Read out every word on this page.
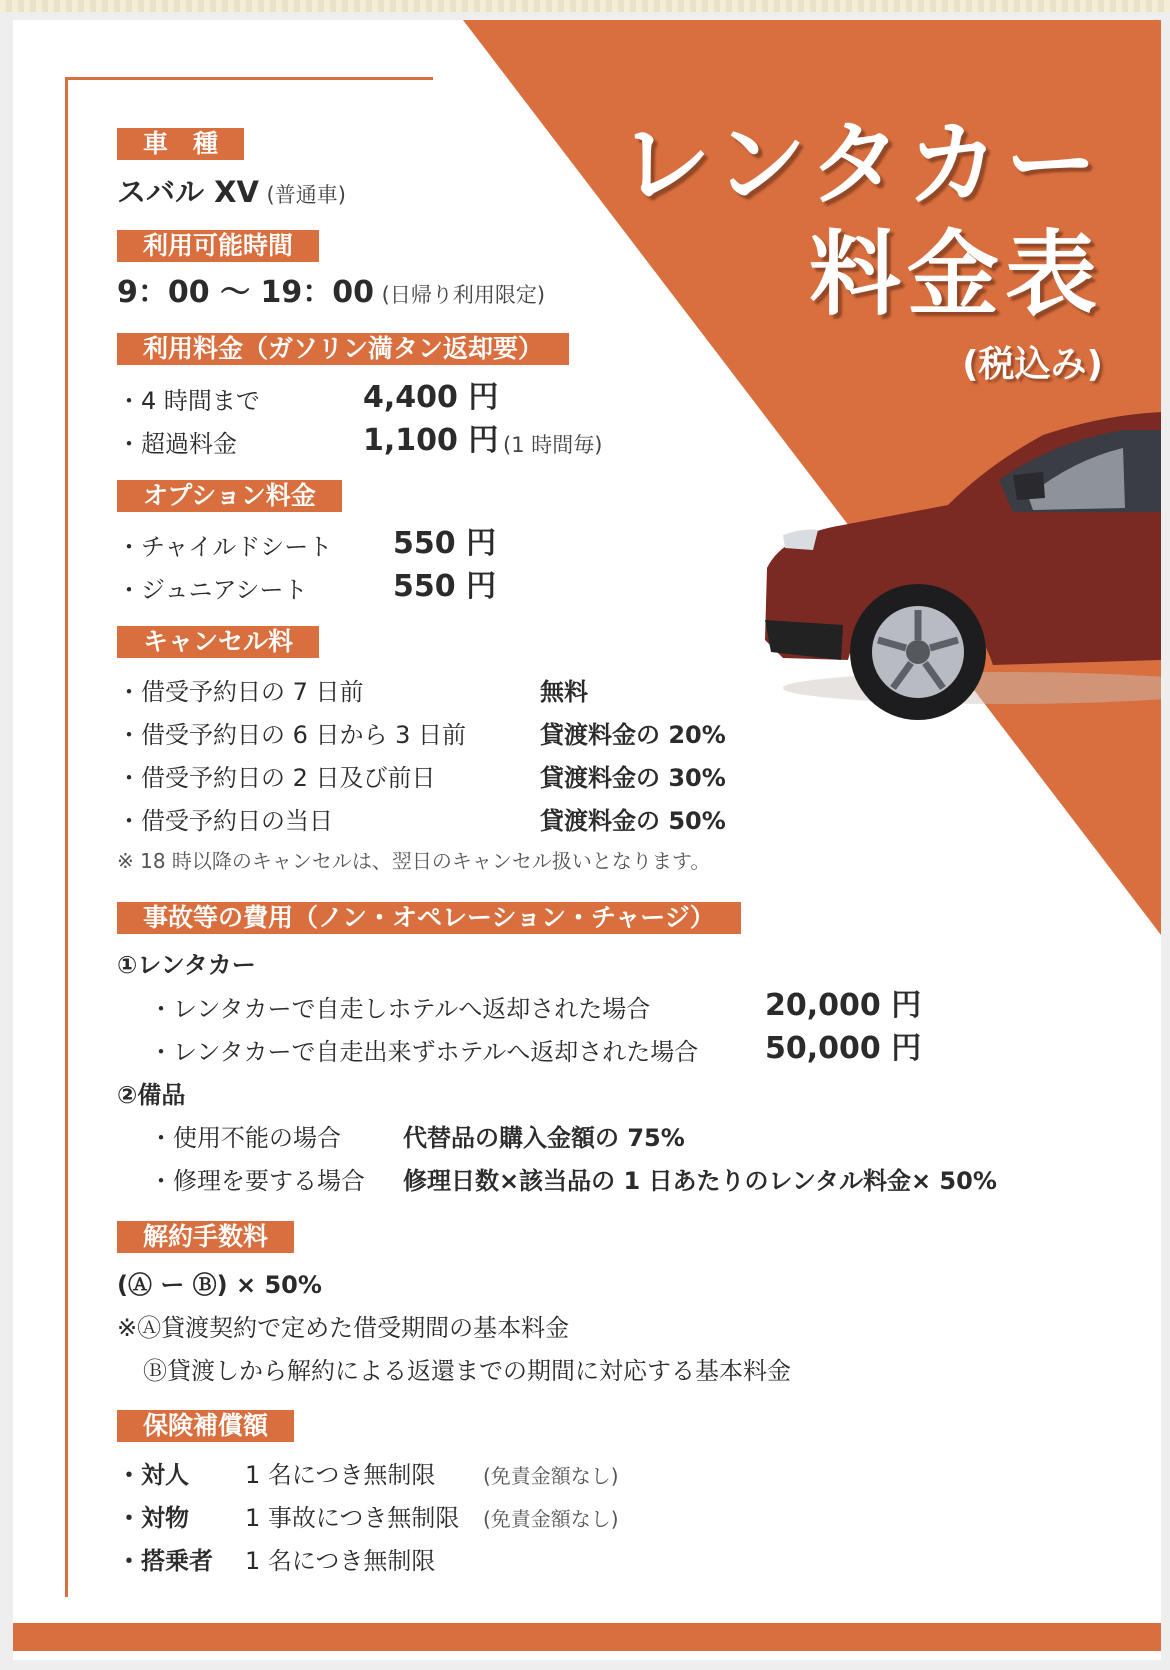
レンタカー
料金表
(税込み)
車　種
スバル XV (普通車)
利用可能時間
9：00 〜 19：00 (日帰り利用限定)
利用料金（ガソリン満タン返却要）
・4 時間まで	4,400 円
・超過料金	1,100 円 (1 時間毎)
オプション料金
・チャイルドシート 550 円
・ジュニアシート	550 円
キャンセル料
・借受予約日の 7 日前	無料
・借受予約日の 6 日から 3 日前	貸渡料金の 20%
・借受予約日の 2 日及び前日	貸渡料金の 30%
・借受予約日の当日	貸渡料金の 50%
※ 18 時以降のキャンセルは、翌日のキャンセル扱いとなります。
事故等の費用（ノン・オペレーション・チャージ）
①レンタカー
・レンタカーで自走しホテルへ返却された場合	20,000 円
・レンタカーで自走出来ずホテルへ返却された場合 50,000 円
②備品
・使用不能の場合	代替品の購入金額の 75%
・修理を要する場合 修理日数×該当品の 1 日あたりのレンタル料金× 50%
解約手数料
(Ⓐ ー Ⓑ) × 50%
※Ⓐ貸渡契約で定めた借受期間の基本料金
Ⓑ貸渡しから解約による返還までの期間に対応する基本料金
保険補償額
・対人 1 名につき無制限 (免責金額なし)
・対物 1 事故につき無制限 (免責金額なし)
・搭乗者 1 名につき無制限
